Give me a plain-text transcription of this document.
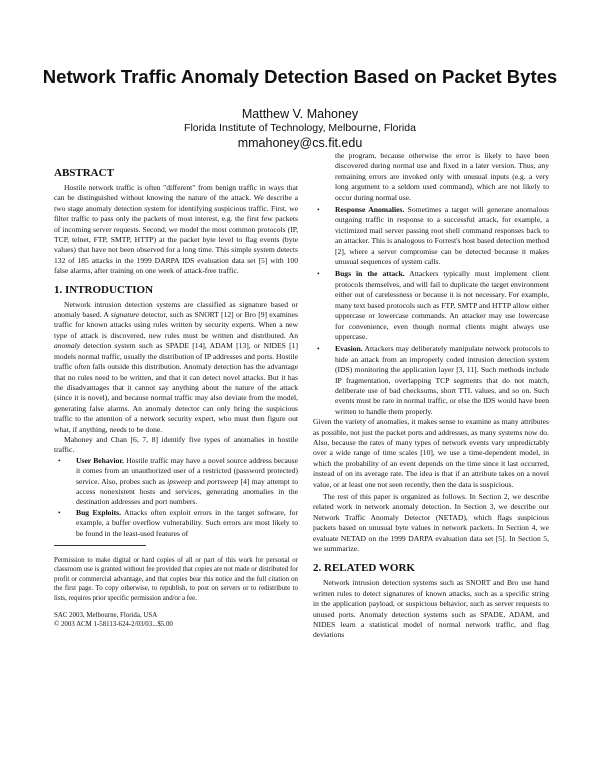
Network Traffic Anomaly Detection Based on Packet Bytes
Matthew V. Mahoney
Florida Institute of Technology, Melbourne, Florida
mmahoney@cs.fit.edu
ABSTRACT

Hostile network traffic is often "different" from benign traffic in ways that can be distinguished without knowing the nature of the attack. We describe a two stage anomaly detection system for identifying suspicious traffic. First, we filter traffic to pass only the packets of most interest, e.g. the first few packets of incoming server requests. Second, we model the most common protocols (IP, TCP, telnet, FTP, SMTP, HTTP) at the packet byte level to flag events (byte values) that have not been observed for a long time. This simple system detects 132 of 185 attacks in the 1999 DARPA IDS evaluation data set [5] with 100 false alarms, after training on one week of attack-free traffic.

1. INTRODUCTION

Network intrusion detection systems are classified as signature based or anomaly based. A signature detector, such as SNORT [12] or Bro [9] examines traffic for known attacks using rules written by security experts. When a new type of attack is discovered, new rules must be written and distributed. An anomaly detection system such as SPADE [14], ADAM [13], or NIDES [1] models normal traffic, usually the distribution of IP addresses and ports. Hostile traffic often falls outside this distribution. Anomaly detection has the advantage that no rules need to be written, and that it can detect novel attacks. But it has the disadvantages that it cannot say anything about the nature of the attack (since it is novel), and because normal traffic may also deviate from the model, generating false alarms. An anomaly detector can only bring the suspicious traffic to the attention of a network security expert, who must then figure out what, if anything, needs to be done.

Mahoney and Chan [6, 7, 8] identify five types of anomalies in hostile traffic.

• User Behavior. Hostile traffic may have a novel source address because it comes from an unauthorized user of a restricted (password protected) service. Also, probes such as ipsweep and portsweep [4] may attempt to access nonexistent hosts and services, generating anomalies in the destination addresses and port numbers.
• Bug Exploits. Attacks often exploit errors in the target software, for example, a buffer overflow vulnerability. Such errors are most likely to be found in the least-used features of
Permission to make digital or hard copies of all or part of this work for personal or classroom use is granted without fee provided that copies are not made or distributed for profit or commercial advantage, and that copies bear this notice and the full citation on the first page. To copy otherwise, to republish, to post on servers or to redistribute to lists, requires prior specific permission and/or a fee.
SAC 2003, Melbourne, Florida, USA
© 2003 ACM 1-58113-624-2/03/03...$5.00
the program, because otherwise the error is likely to have been discovered during normal use and fixed in a later version. Thus, any remaining errors are invoked only with unusual inputs (e.g. a very long argument to a seldom used command), which are not likely to occur during normal use.
• Response Anomalies. Sometimes a target will generate anomalous outgoing traffic in response to a successful attack, for example, a victimized mail server passing root shell command responses back to an attacker. This is analogous to Forrest's host based detection method [2], where a server compromise can be detected because it makes unusual sequences of system calls.
• Bugs in the attack. Attackers typically must implement client protocols themselves, and will fail to duplicate the target environment either out of carelessness or because it is not necessary. For example, many text based protocols such as FTP, SMTP and HTTP allow either uppercase or lowercase commands. An attacker may use lowercase for convenience, even though normal clients might always use uppercase.
• Evasion. Attackers may deliberately manipulate network protocols to hide an attack from an improperly coded intrusion detection system (IDS) monitoring the application layer [3, 11]. Such methods include IP fragmentation, overlapping TCP segments that do not match, deliberate use of bad checksums, short TTL values, and so on. Such events must be rare in normal traffic, or else the IDS would have been written to handle them properly.

Given the variety of anomalies, it makes sense to examine as many attributes as possible, not just the packet ports and addresses, as many systems now do. Also, because the rates of many types of network events vary unpredictably over a wide range of time scales [10], we use a time-dependent model, in which the probability of an event depends on the time since it last occurred, instead of on its average rate. The idea is that if an attribute takes on a novel value, or at least one not seen recently, then the data is suspicious.

The rest of this paper is organized as follows. In Section 2, we describe related work in network anomaly detection. In Section 3, we describe our Network Traffic Anomaly Detector (NETAD), which flags suspicious packets based on unusual byte values in network packets. In Section 4, we evaluate NETAD on the 1999 DARPA evaluation data set [5]. In Section 5, we summarize.

2. RELATED WORK

Network intrusion detection systems such as SNORT and Bro use hand written rules to detect signatures of known attacks, such as a specific string in the application payload, or suspicious behavior, such as server requests to unused ports. Anomaly detection systems such as SPADE, ADAM, and NIDES learn a statistical model of normal network traffic, and flag deviations
